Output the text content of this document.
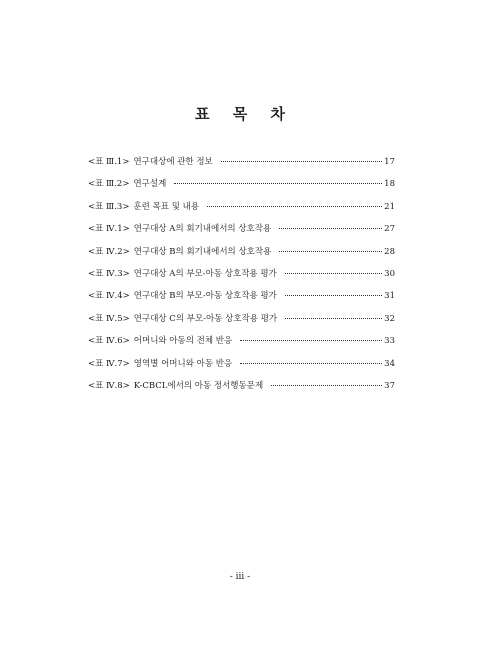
표 목 차
<표 Ⅲ.1> 연구대상에 관한 정보	17
<표 Ⅲ.2> 연구설계	18
<표 Ⅲ.3> 훈련 목표 및 내용	21
<표 Ⅳ.1> 연구대상 A의 회기내에서의 상호작용	27
<표 Ⅳ.2> 연구대상 B의 회기내에서의 상호작용	28
<표 Ⅳ.3> 연구대상 A의 부모-아동 상호작용 평가	30
<표 Ⅳ.4> 연구대상 B의 부모-아동 상호작용 평가	31
<표 Ⅳ.5> 연구대상 C의 부모-아동 상호작용 평가	32
<표 Ⅳ.6> 어머니와 아동의 전체 반응	33
<표 Ⅳ.7> 영역별 어머니와 아동 반응	34
<표 Ⅳ.8> K-CBCL에서의 아동 정서행동문제	37
- iii -
